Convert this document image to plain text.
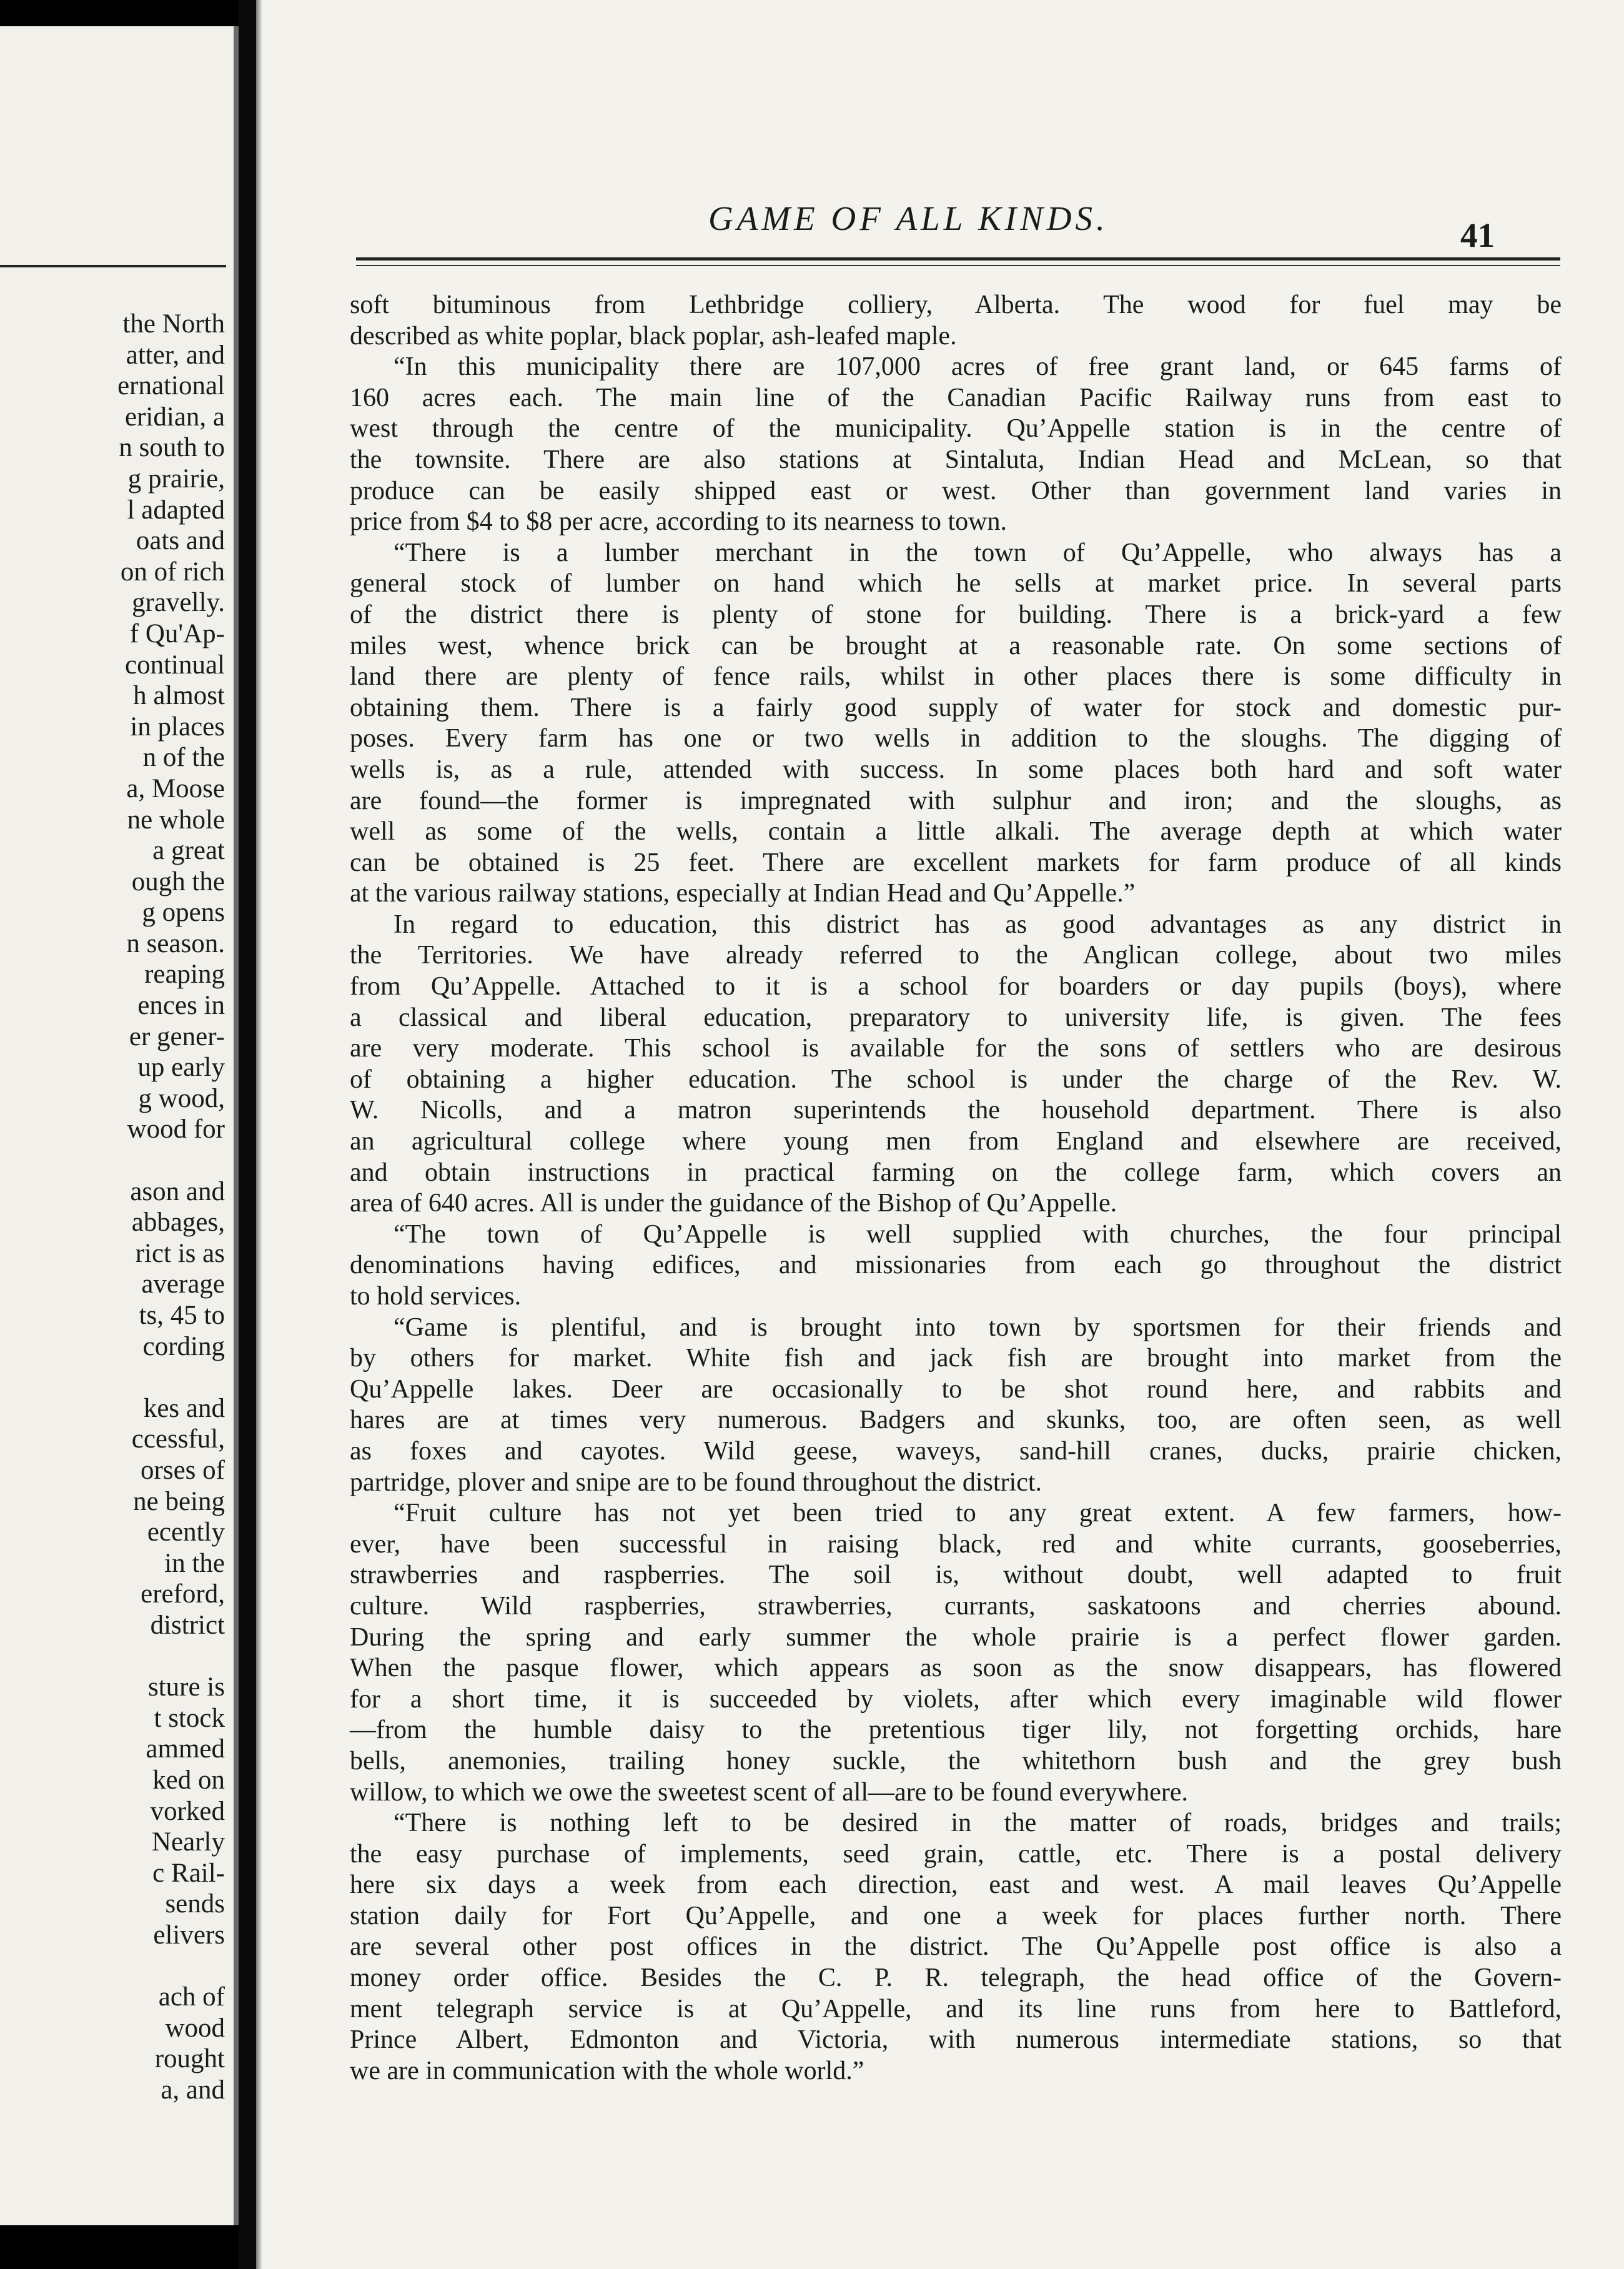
the North
atter, and
ernational
eridian, a
n south to
g prairie,
l adapted
oats and
on of rich
gravelly.
f Qu'Ap-
continual
h almost
in places
n of the
a, Moose
ne whole
a great
ough the
g opens
n season.
reaping
ences in
er gener-
up early
g wood,
wood for
ason and
abbages,
rict is as
average
ts, 45 to
cording
kes and
ccessful,
orses of
ne being
ecently
in the
ereford,
district
sture is
t stock
ammed
ked on
vorked
Nearly
c Rail-
sends
elivers
ach of
wood
rought
a, and
GAME OF ALL KINDS.	41
soft bituminous from Lethbridge colliery, Alberta. The wood for fuel may be
described as white poplar, black poplar, ash-leafed maple.
“In this municipality there are 107,000 acres of free grant land, or 645 farms of
160 acres each. The main line of the Canadian Pacific Railway runs from east to
west through the centre of the municipality. Qu’Appelle station is in the centre of
the townsite. There are also stations at Sintaluta, Indian Head and McLean, so that
produce can be easily shipped east or west. Other than government land varies in
price from $4 to $8 per acre, according to its nearness to town.
“There is a lumber merchant in the town of Qu’Appelle, who always has a
general stock of lumber on hand which he sells at market price. In several parts
of the district there is plenty of stone for building. There is a brick-yard a few
miles west, whence brick can be brought at a reasonable rate. On some sections of
land there are plenty of fence rails, whilst in other places there is some difficulty in
obtaining them. There is a fairly good supply of water for stock and domestic pur-
poses. Every farm has one or two wells in addition to the sloughs. The digging of
wells is, as a rule, attended with success. In some places both hard and soft water
are found—the former is impregnated with sulphur and iron; and the sloughs, as
well as some of the wells, contain a little alkali. The average depth at which water
can be obtained is 25 feet. There are excellent markets for farm produce of all kinds
at the various railway stations, especially at Indian Head and Qu’Appelle.”
In regard to education, this district has as good advantages as any district in
the Territories. We have already referred to the Anglican college, about two miles
from Qu’Appelle. Attached to it is a school for boarders or day pupils (boys), where
a classical and liberal education, preparatory to university life, is given. The fees
are very moderate. This school is available for the sons of settlers who are desirous
of obtaining a higher education. The school is under the charge of the Rev. W.
W. Nicolls, and a matron superintends the household department. There is also
an agricultural college where young men from England and elsewhere are received,
and obtain instructions in practical farming on the college farm, which covers an
area of 640 acres. All is under the guidance of the Bishop of Qu’Appelle.
“The town of Qu’Appelle is well supplied with churches, the four principal
denominations having edifices, and missionaries from each go throughout the district
to hold services.
“Game is plentiful, and is brought into town by sportsmen for their friends and
by others for market. White fish and jack fish are brought into market from the
Qu’Appelle lakes. Deer are occasionally to be shot round here, and rabbits and
hares are at times very numerous. Badgers and skunks, too, are often seen, as well
as foxes and cayotes. Wild geese, waveys, sand-hill cranes, ducks, prairie chicken,
partridge, plover and snipe are to be found throughout the district.
“Fruit culture has not yet been tried to any great extent. A few farmers, how-
ever, have been successful in raising black, red and white currants, gooseberries,
strawberries and raspberries. The soil is, without doubt, well adapted to fruit
culture. Wild raspberries, strawberries, currants, saskatoons and cherries abound.
During the spring and early summer the whole prairie is a perfect flower garden.
When the pasque flower, which appears as soon as the snow disappears, has flowered
for a short time, it is succeeded by violets, after which every imaginable wild flower
—from the humble daisy to the pretentious tiger lily, not forgetting orchids, hare
bells, anemonies, trailing honey suckle, the whitethorn bush and the grey bush
willow, to which we owe the sweetest scent of all—are to be found everywhere.
“There is nothing left to be desired in the matter of roads, bridges and trails;
the easy purchase of implements, seed grain, cattle, etc. There is a postal delivery
here six days a week from each direction, east and west. A mail leaves Qu’Appelle
station daily for Fort Qu’Appelle, and one a week for places further north. There
are several other post offices in the district. The Qu’Appelle post office is also a
money order office. Besides the C. P. R. telegraph, the head office of the Govern-
ment telegraph service is at Qu’Appelle, and its line runs from here to Battleford,
Prince Albert, Edmonton and Victoria, with numerous intermediate stations, so that
we are in communication with the whole world.”
